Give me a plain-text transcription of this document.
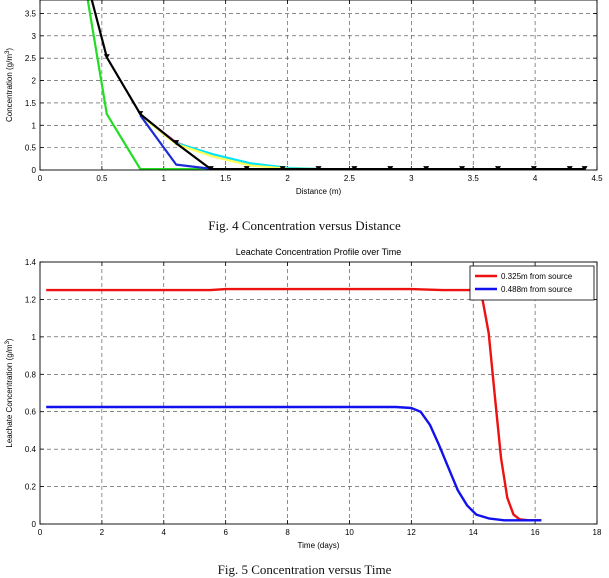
0	0.5	1	1.5	2	2.5	3	3.5	4	4.5
0
0.5
1
1.5
2
2.5
3
3.5
Distance (m)
Concentration $(g/m^3)$
Fig. 4 Concentration versus Distance
0	2	4	6	8	10	12	14	16	18
0
0.2
0.4
0.6
0.8
1
1.2
1.4
Leachate Concentration Profile over Time
Time (days)
Leachate Concentration $(g/m^3)$
0.325m from source
0.488m from source
Fig. 5 Concentration versus Time
